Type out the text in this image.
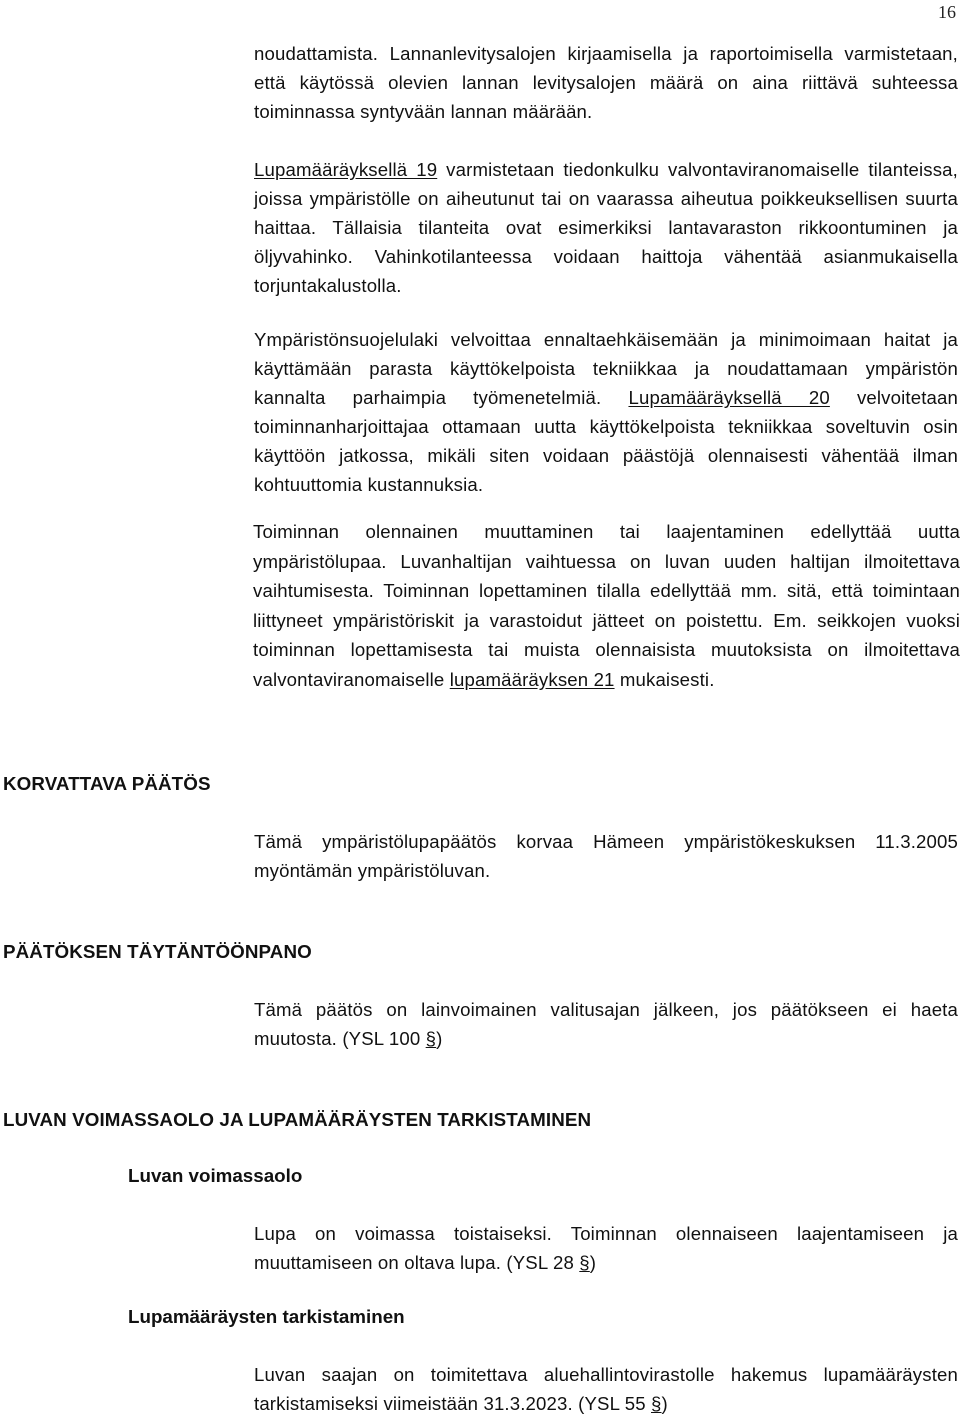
16

noudattamista. Lannanlevitysalojen kirjaamisella ja raportoimisella varmistetaan, että käytössä olevien lannan levitysalojen määrä on aina riittävä suhteessa toiminnassa syntyvään lannan määrään.

Lupamääräyksellä 19 varmistetaan tiedonkulku valvontaviranomaiselle tilanteissa, joissa ympäristölle on aiheutunut tai on vaarassa aiheutua poikkeuksellisen suurta haittaa. Tällaisia tilanteita ovat esimerkiksi lantavaraston rikkoontuminen ja öljyvahinko. Vahinkotilanteessa voidaan haittoja vähentää asianmukaisella torjuntakalustolla.

Ympäristönsuojelulaki velvoittaa ennaltaehkäisemään ja minimoimaan haitat ja käyttämään parasta käyttökelpoista tekniikkaa ja noudattamaan ympäristön kannalta parhaimpia työmenetelmiä. Lupamääräyksellä 20 velvoitetaan toiminnanharjoittajaa ottamaan uutta käyttökelpoista tekniikkaa soveltuvin osin käyttöön jatkossa, mikäli siten voidaan päästöjä olennaisesti vähentää ilman kohtuuttomia kustannuksia.

Toiminnan olennainen muuttaminen tai laajentaminen edellyttää uutta ympäristölupaa. Luvanhaltijan vaihtuessa on luvan uuden haltijan ilmoitettava vaihtumisesta. Toiminnan lopettaminen tilalla edellyttää mm. sitä, että toimintaan liittyneet ympäristöriskit ja varastoidut jätteet on poistettu. Em. seikkojen vuoksi toiminnan lopettamisesta tai muista olennaisista muutoksista on ilmoitettava valvontaviranomaiselle lupamääräyksen 21 mukaisesti.

KORVATTAVA PÄÄTÖS

Tämä ympäristölupapäätös korvaa Hämeen ympäristökeskuksen 11.3.2005 myöntämän ympäristöluvan.

PÄÄTÖKSEN TÄYTÄNTÖÖNPANO

Tämä päätös on lainvoimainen valitusajan jälkeen, jos päätökseen ei haeta muutosta. (YSL 100 §)

LUVAN VOIMASSAOLO JA LUPAMÄÄRÄYSTEN TARKISTAMINEN
Luvan voimassaolo

Lupa on voimassa toistaiseksi. Toiminnan olennaiseen laajentamiseen ja muuttamiseen on oltava lupa. (YSL 28 §)

Lupamääräysten tarkistaminen

Luvan saajan on toimitettava aluehallintovirastolle hakemus lupamääräysten tarkistamiseksi viimeistään 31.3.2023. (YSL 55 §)
